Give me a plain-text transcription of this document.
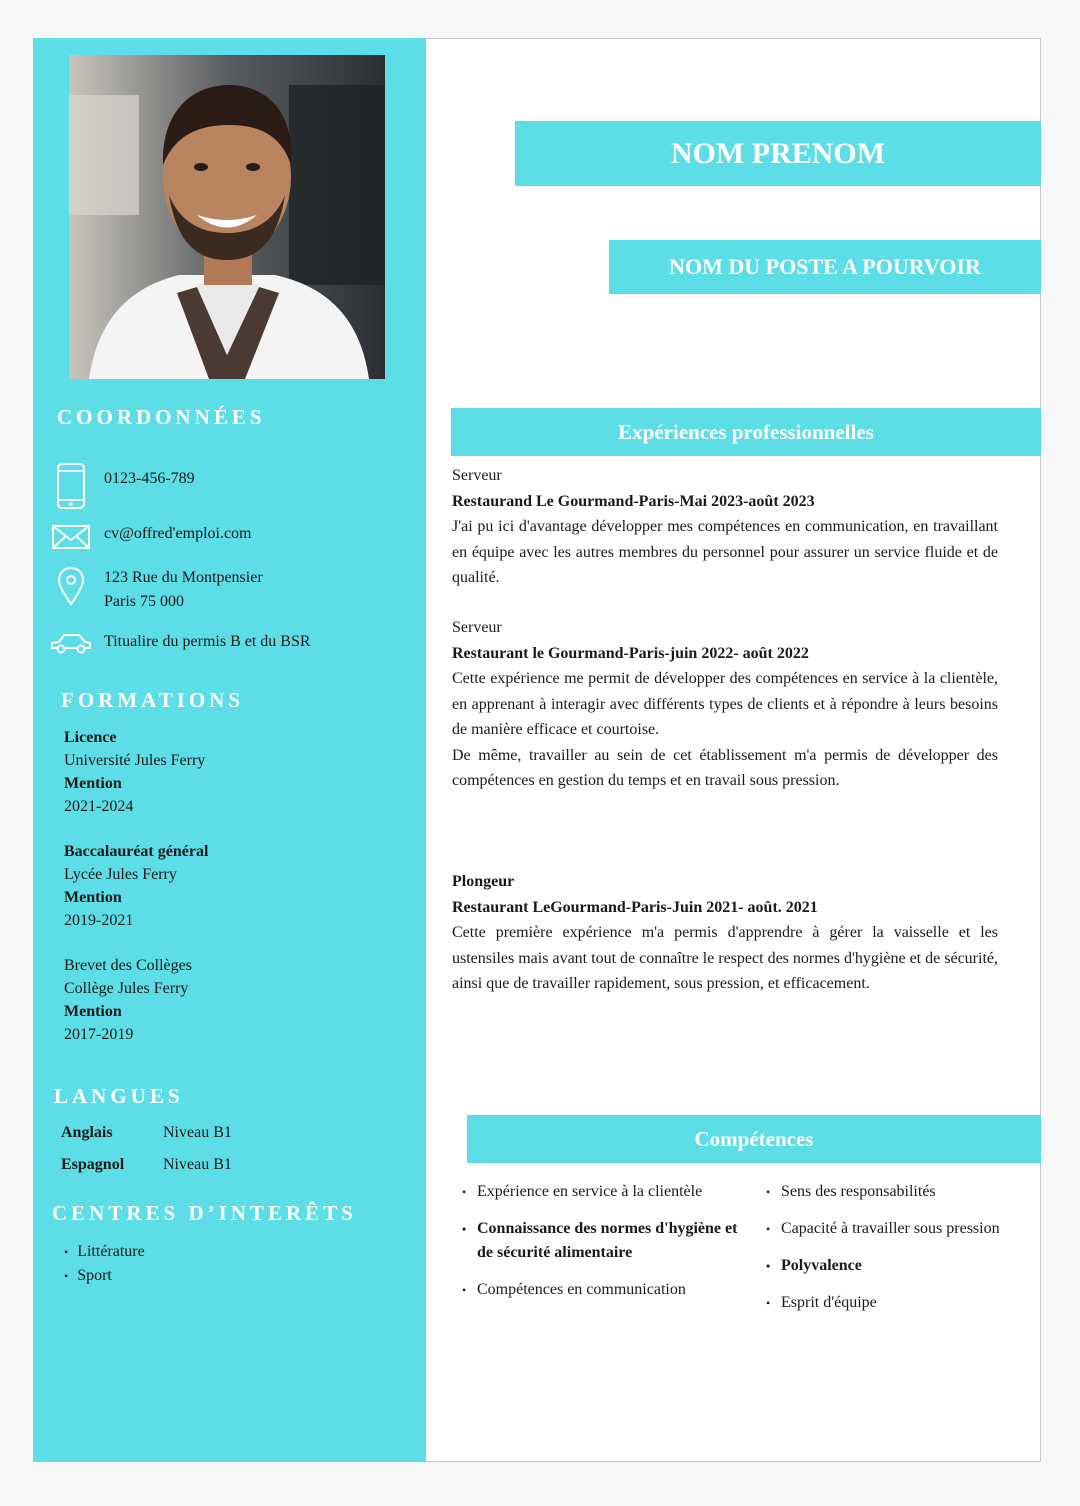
COORDONNÉES
0123-456-789
cv@offred'emploi.com
123 Rue du Montpensier
Paris 75 000
Titualire du permis B et du BSR
FORMATIONS
Licence
Université Jules Ferry
Mention
2021-2024
Baccalauréat général
Lycée Jules Ferry
Mention
2019-2021
Brevet des Collèges
Collège Jules Ferry
Mention
2017-2019
LANGUES
Anglais	Niveau B1
Espagnol	Niveau B1
CENTRES D’INTERÊTS
• Littérature
• Sport
NOM PRENOM
NOM DU POSTE A POURVOIR
Expériences professionnelles
Serveur
Restaurand Le Gourmand-Paris-Mai 2023-août 2023

J'ai pu ici d'avantage développer mes compétences en communication, en travaillant en équipe avec les autres membres du personnel pour assurer un service fluide et de qualité.

Serveur
Restaurant le Gourmand-Paris-juin 2022- août 2022

Cette expérience me permit de développer des compétences en service à la clientèle, en apprenant à interagir avec différents types de clients et à répondre à leurs besoins de manière efficace et courtoise.

De même, travailler au sein de cet établissement m'a permis de développer des compétences en gestion du temps et en travail sous pression.

Plongeur
Restaurant LeGourmand-Paris-Juin 2021- août. 2021

Cette première expérience m'a permis d'apprendre à gérer la vaisselle et les ustensiles mais avant tout de connaître le respect des normes d'hygiène et de sécurité, ainsi que de travailler rapidement, sous pression, et efficacement.

Compétences
• Expérience en service à la clientèle
• Connaissance des normes d'hygiène et de sécurité alimentaire
• Compétences en communication
• Sens des responsabilités
• Capacité à travailler sous pression
• Polyvalence
• Esprit d'équipe
